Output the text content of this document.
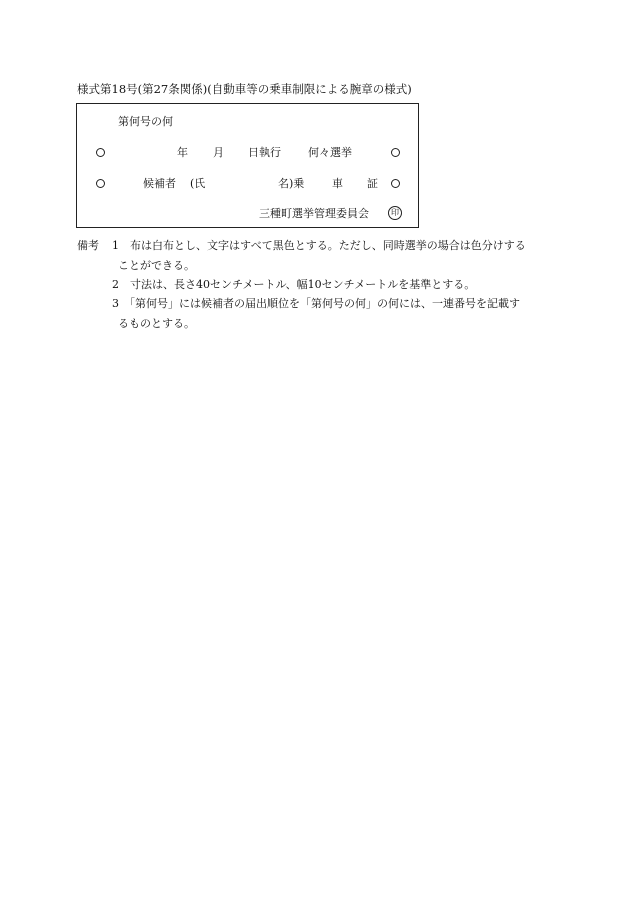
様式第18号(第27条関係)(自動車等の乗車制限による腕章の様式)
第何号の何
年 月 日執行 何々選挙
候補者 (氏	名)乗	車 証
三種町選挙管理委員会	印
備考 1 布は白布とし、文字はすべて黒色とする。ただし、同時選挙の場合は色分けする
ことができる。
2 寸法は、長さ40センチメートル、幅10センチメートルを基準とする。
3 「第何号」には候補者の届出順位を「第何号の何」の何には、一連番号を記載す
るものとする。
